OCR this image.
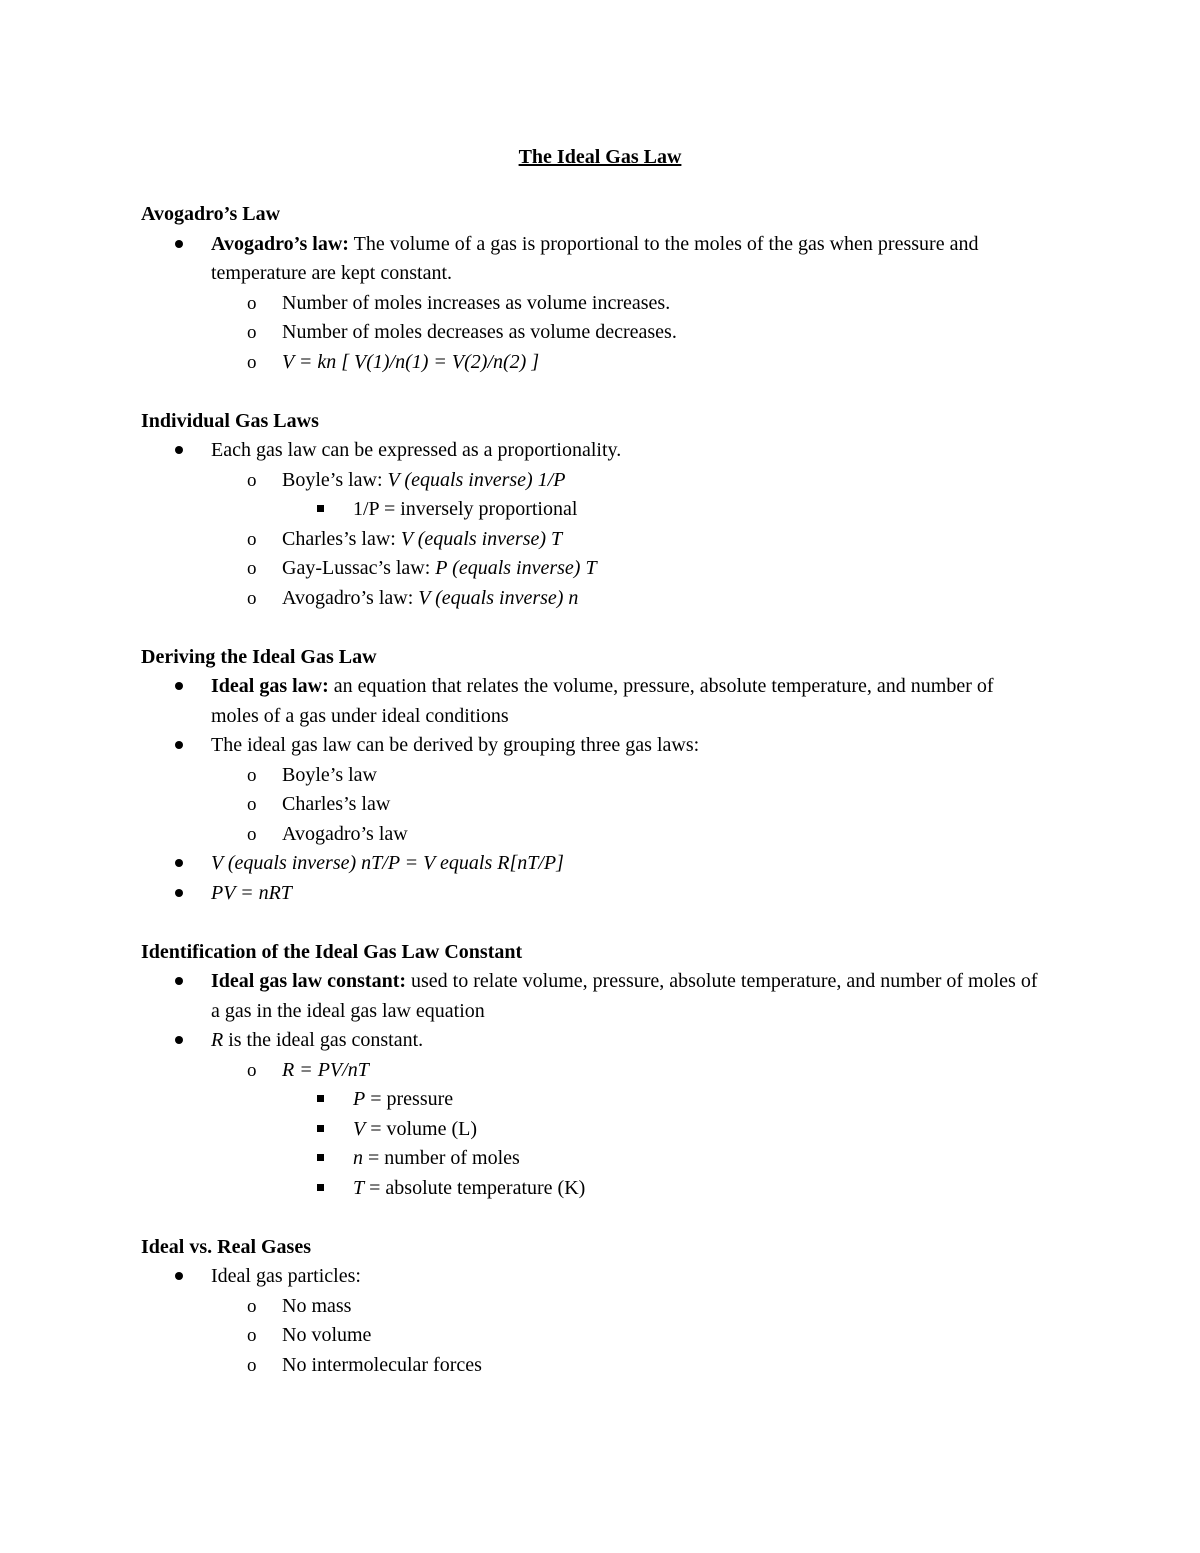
The Ideal Gas Law
Avogadro’s Law
Avogadro’s law: The volume of a gas is proportional to the moles of the gas when pressure and temperature are kept constant.
o Number of moles increases as volume increases.
o Number of moles decreases as volume decreases.
o V = kn [ V(1)/n(1) = V(2)/n(2) ]
Individual Gas Laws
Each gas law can be expressed as a proportionality.
o Boyle’s law: V (equals inverse) 1/P
1/P = inversely proportional
o Charles’s law: V (equals inverse) T
o Gay-Lussac’s law: P (equals inverse) T
o Avogadro’s law: V (equals inverse) n
Deriving the Ideal Gas Law
Ideal gas law: an equation that relates the volume, pressure, absolute temperature, and number of moles of a gas under ideal conditions
The ideal gas law can be derived by grouping three gas laws:
o Boyle’s law
o Charles’s law
o Avogadro’s law
V (equals inverse) nT/P = V equals R[nT/P]
PV = nRT
Identification of the Ideal Gas Law Constant
Ideal gas law constant: used to relate volume, pressure, absolute temperature, and number of moles of a gas in the ideal gas law equation
R is the ideal gas constant.
o R = PV/nT
P = pressure
V = volume (L)
n = number of moles
T = absolute temperature (K)
Ideal vs. Real Gases
Ideal gas particles:
o No mass
o No volume
o No intermolecular forces
